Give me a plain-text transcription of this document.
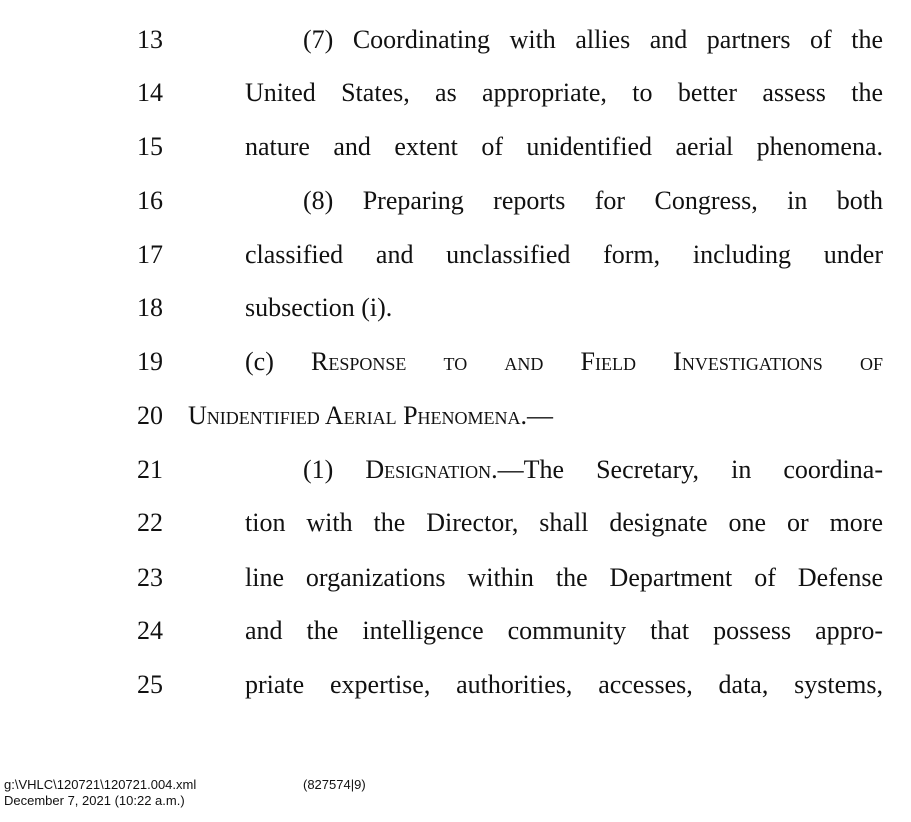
13	(7) Coordinating with allies and partners of the
14	United States, as appropriate, to better assess the
15	nature and extent of unidentified aerial phenomena.
16	(8) Preparing reports for Congress, in both
17	classified and unclassified form, including under
18	subsection (i).
19	(c) Response to and Field Investigations of
20 Unidentified Aerial Phenomena.—
21	(1) Designation.—The Secretary, in coordina-
22	tion with the Director, shall designate one or more
23	line organizations within the Department of Defense
24	and the intelligence community that possess appro-
25	priate expertise, authorities, accesses, data, systems,
g:\VHLC\120721\120721.004.xml	(827574|9)
December 7, 2021 (10:22 a.m.)
